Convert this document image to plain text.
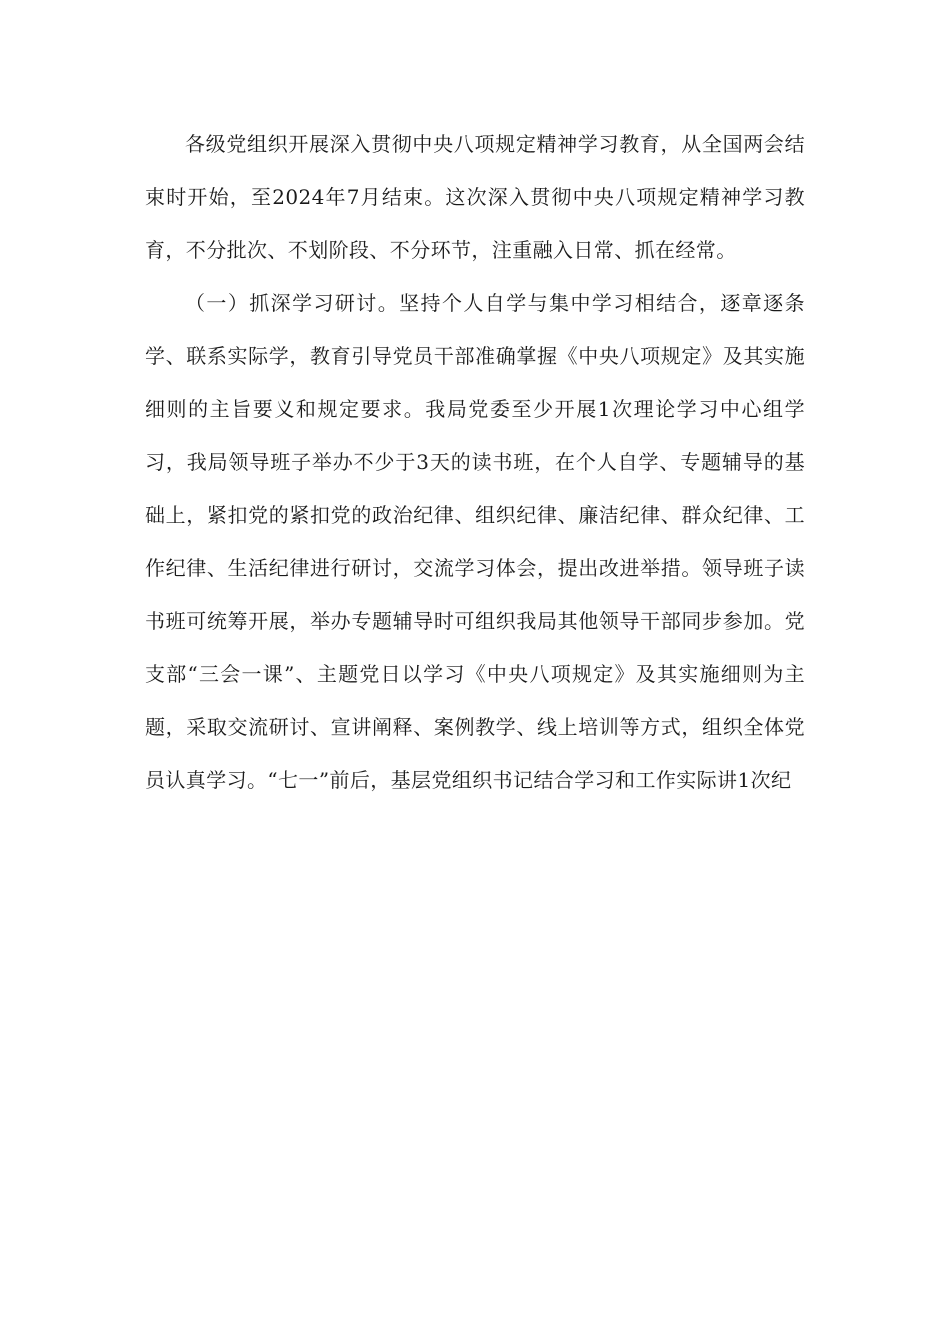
各级党组织开展深入贯彻中央八项规定精神学习教育，从全国两会结束时开始，至2024年7月结束。这次深入贯彻中央八项规定精神学习教育，不分批次、不划阶段、不分环节，注重融入日常、抓在经常。

（一）抓深学习研讨。坚持个人自学与集中学习相结合，逐章逐条学、联系实际学，教育引导党员干部准确掌握《中央八项规定》及其实施细则的主旨要义和规定要求。我局党委至少开展1次理论学习中心组学习，我局领导班子举办不少于3天的读书班，在个人自学、专题辅导的基础上，紧扣党的紧扣党的政治纪律、组织纪律、廉洁纪律、群众纪律、工作纪律、生活纪律进行研讨，交流学习体会，提出改进举措。领导班子读书班可统筹开展，举办专题辅导时可组织我局其他领导干部同步参加。党支部“三会一课”、主题党日以学习《中央八项规定》及其实施细则为主题，采取交流研讨、宣讲阐释、案例教学、线上培训等方式，组织全体党员认真学习。“七一”前后，基层党组织书记结合学习和工作实际讲1次纪
